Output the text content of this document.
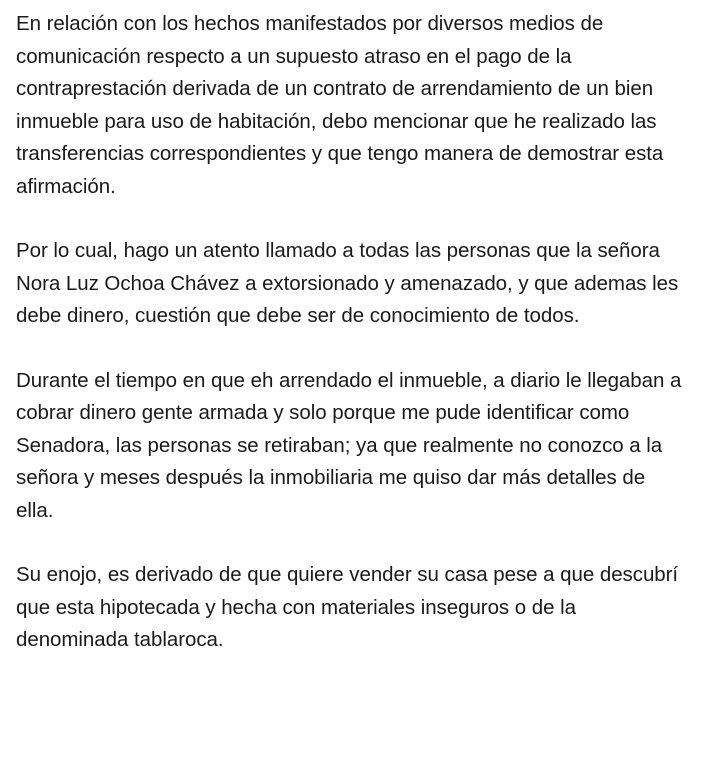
En relación con los hechos manifestados por diversos medios de comunicación respecto a un supuesto atraso en el pago de la contraprestación derivada de un contrato de arrendamiento de un bien inmueble para uso de habitación, debo mencionar que he realizado las transferencias correspondientes y que tengo manera de demostrar esta afirmación.

Por lo cual, hago un atento llamado a todas las personas que la señora Nora Luz Ochoa Chávez a extorsionado y amenazado, y que ademas les debe dinero, cuestión que debe ser de conocimiento de todos.

Durante el tiempo en que eh arrendado el inmueble, a diario le llegaban a cobrar dinero gente armada y solo porque me pude identificar como Senadora, las personas se retiraban; ya que realmente no conozco a la señora y meses después la inmobiliaria me quiso dar más detalles de ella.

Su enojo, es derivado de que quiere vender su casa pese a que descubrí que esta hipotecada y hecha con materiales inseguros o de la denominada tablaroca.
